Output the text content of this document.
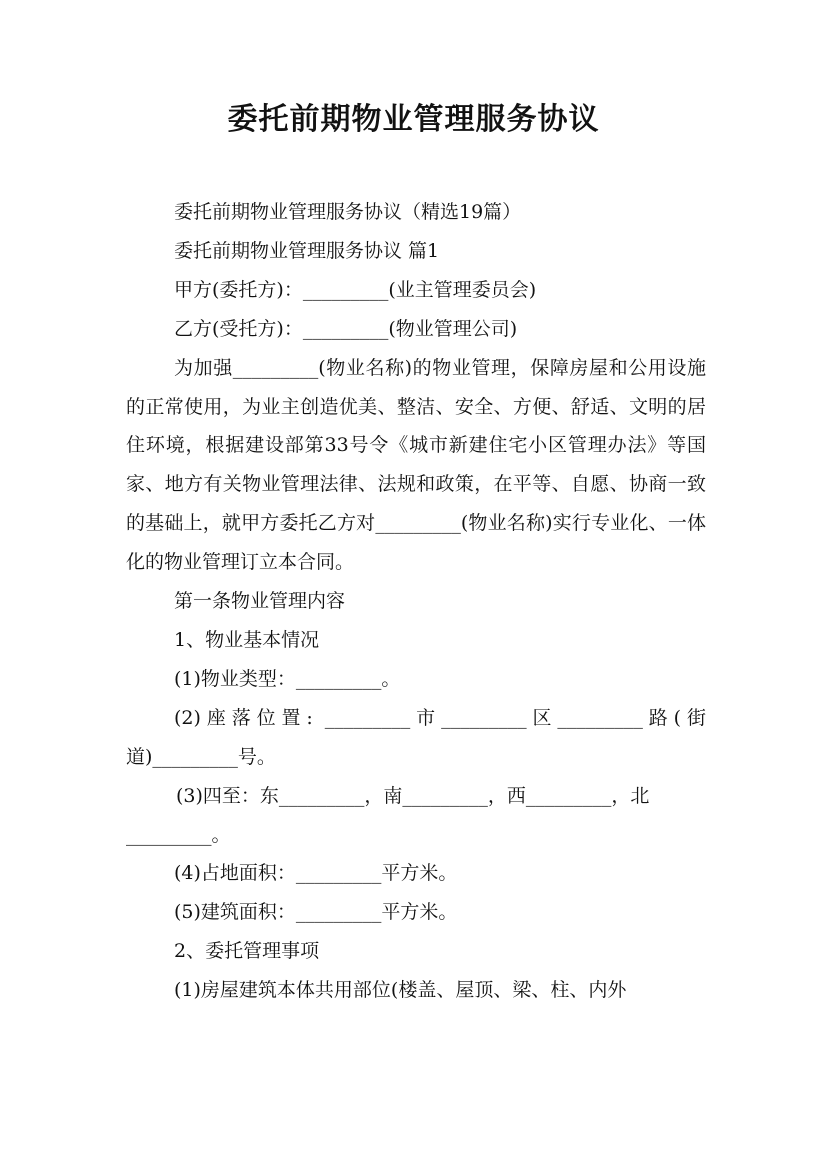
委托前期物业管理服务协议

委托前期物业管理服务协议（精选19篇）

委托前期物业管理服务协议 篇1

甲方(委托方)：_________(业主管理委员会)

乙方(受托方)：_________(物业管理公司)

为加强_________(物业名称)的物业管理，保障房屋和公用设施的正常使用，为业主创造优美、整洁、安全、方便、舒适、文明的居住环境，根据建设部第33号令《城市新建住宅小区管理办法》等国家、地方有关物业管理法律、法规和政策，在平等、自愿、协商一致的基础上，就甲方委托乙方对_________(物业名称)实行专业化、一体化的物业管理订立本合同。

第一条物业管理内容

1、物业基本情况

(1)物业类型：_________。

(2)座落位置: _________市_________区_________路(街道)_________号。

(3)四至：东_________，南_________，西_________，北_________。

(4)占地面积：_________平方米。

(5)建筑面积：_________平方米。

2、委托管理事项

(1)房屋建筑本体共用部位(楼盖、屋顶、梁、柱、内外
